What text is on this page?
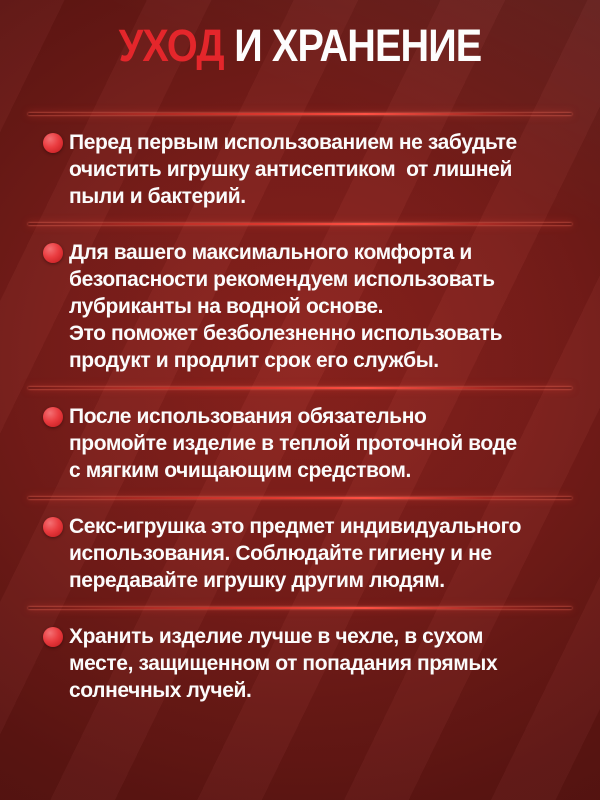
УХОД И ХРАНЕНИЕ
Перед первым использованием не забудьте
очистить игрушку антисептиком  от лишней
пыли и бактерий.
Для вашего максимального комфорта и
безопасности рекомендуем использовать
лубриканты на водной основе.
Это поможет безболезненно использовать
продукт и продлит срок его службы.
После использования обязательно
промойте изделие в теплой проточной воде
с мягким очищающим средством.
Секс-игрушка это предмет индивидуального
использования. Соблюдайте гигиену и не
передавайте игрушку другим людям.
Хранить изделие лучше в чехле, в сухом
месте, защищенном от попадания прямых
солнечных лучей.
